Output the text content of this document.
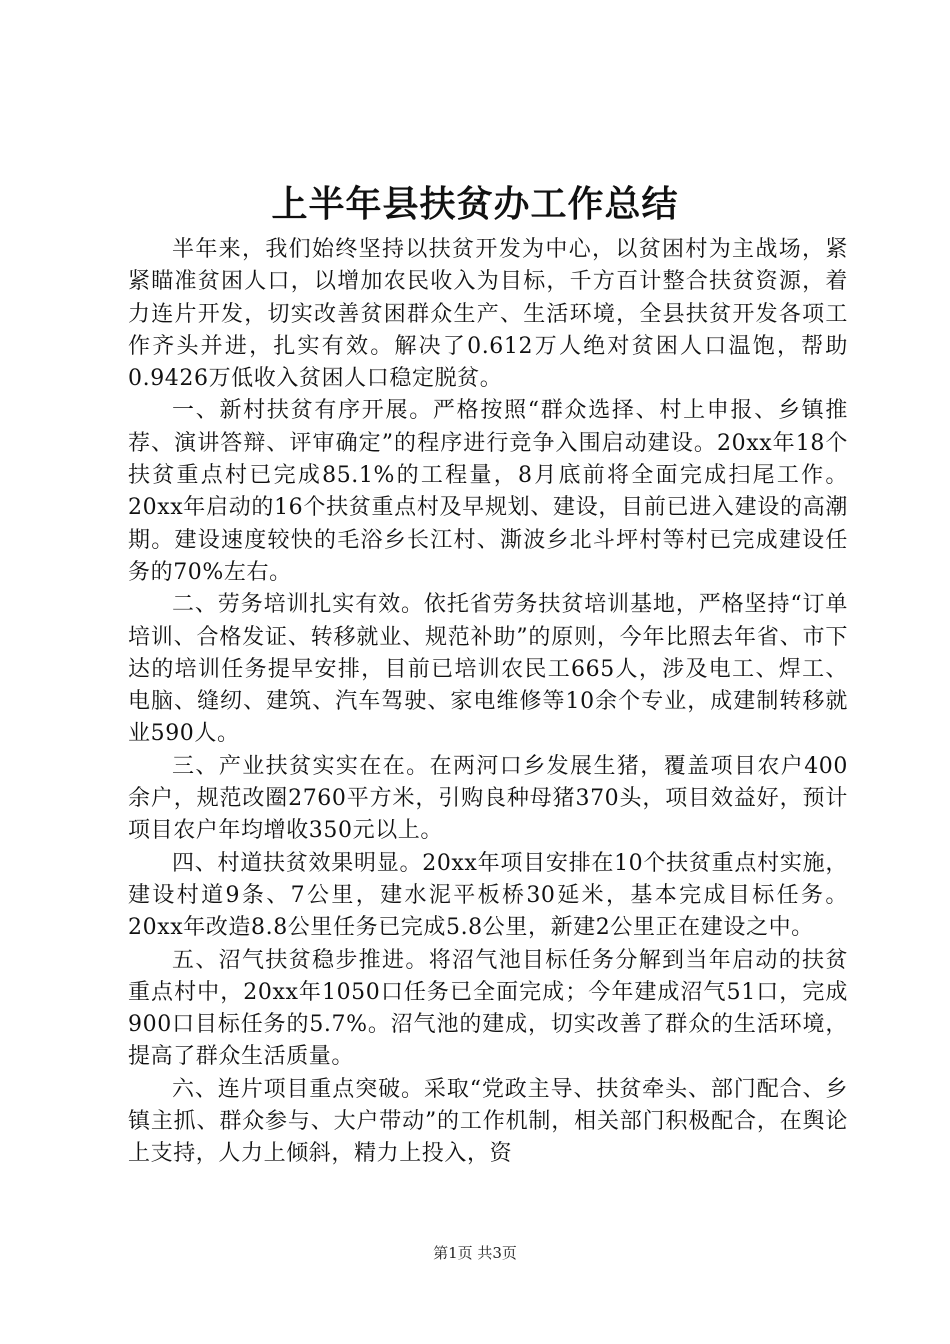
上半年县扶贫办工作总结

半年来，我们始终坚持以扶贫开发为中心，以贫困村为主战场，紧紧瞄准贫困人口，以增加农民收入为目标，千方百计整合扶贫资源，着力连片开发，切实改善贫困群众生产、生活环境，全县扶贫开发各项工作齐头并进，扎实有效。解决了0.612万人绝对贫困人口温饱，帮助0.9426万低收入贫困人口稳定脱贫。

一、新村扶贫有序开展。严格按照“群众选择、村上申报、乡镇推荐、演讲答辩、评审确定”的程序进行竞争入围启动建设。20xx年18个扶贫重点村已完成85.1%的工程量，8月底前将全面完成扫尾工作。20xx年启动的16个扶贫重点村及早规划、建设，目前已进入建设的高潮期。建设速度较快的毛浴乡长江村、澌波乡北斗坪村等村已完成建设任务的70%左右。

二、劳务培训扎实有效。依托省劳务扶贫培训基地，严格坚持“订单培训、合格发证、转移就业、规范补助”的原则，今年比照去年省、市下达的培训任务提早安排，目前已培训农民工665人，涉及电工、焊工、电脑、缝纫、建筑、汽车驾驶、家电维修等10余个专业，成建制转移就业590人。

三、产业扶贫实实在在。在两河口乡发展生猪，覆盖项目农户400余户，规范改圈2760平方米，引购良种母猪370头，项目效益好，预计项目农户年均增收350元以上。

四、村道扶贫效果明显。20xx年项目安排在10个扶贫重点村实施，建设村道9条、7公里，建水泥平板桥30延米，基本完成目标任务。20xx年改造8.8公里任务已完成5.8公里，新建2公里正在建设之中。

五、沼气扶贫稳步推进。将沼气池目标任务分解到当年启动的扶贫重点村中，20xx年1050口任务已全面完成；今年建成沼气51口，完成900口目标任务的5.7%。沼气池的建成，切实改善了群众的生活环境，提高了群众生活质量。

六、连片项目重点突破。采取“党政主导、扶贫牵头、部门配合、乡镇主抓、群众参与、大户带动”的工作机制，相关部门积极配合，在舆论上支持，人力上倾斜，精力上投入，资

第1页 共3页
